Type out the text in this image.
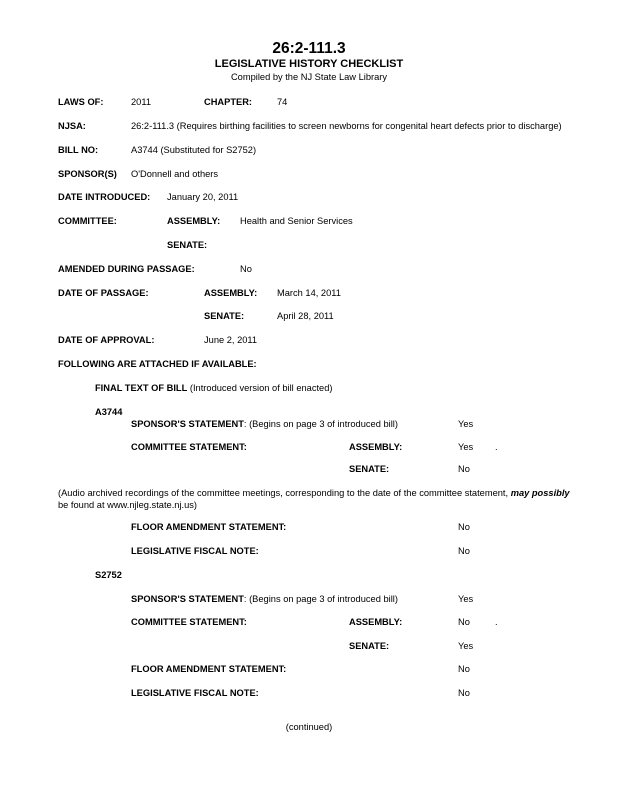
26:2-111.3
LEGISLATIVE HISTORY CHECKLIST
Compiled by the NJ State Law Library
LAWS OF:	2011	CHAPTER:	74
NJSA:	26:2-111.3 (Requires birthing facilities to screen newborns for congenital heart defects prior to discharge)
BILL NO:	A3744 (Substituted for S2752)
SPONSOR(S) O'Donnell and others
DATE INTRODUCED: January 20, 2011
COMMITTEE:	ASSEMBLY: Health and Senior Services
SENATE:
AMENDED DURING PASSAGE:	No
DATE OF PASSAGE:	ASSEMBLY: March 14, 2011
SENATE:	April 28, 2011
DATE OF APPROVAL:	June 2, 2011
FOLLOWING ARE ATTACHED IF AVAILABLE:
FINAL TEXT OF BILL (Introduced version of bill enacted)
A3744
SPONSOR'S STATEMENT: (Begins on page 3 of introduced bill)	Yes
COMMITTEE STATEMENT:	ASSEMBLY:	Yes .
SENATE:	No
(Audio archived recordings of the committee meetings, corresponding to the date of the committee statement, may possibly
be found at www.njleg.state.nj.us)
FLOOR AMENDMENT STATEMENT:	No
LEGISLATIVE FISCAL NOTE:	No
S2752
SPONSOR'S STATEMENT: (Begins on page 3 of introduced bill)	Yes
COMMITTEE STATEMENT:	ASSEMBLY:	No	.
SENATE:	Yes
FLOOR AMENDMENT STATEMENT:	No
LEGISLATIVE FISCAL NOTE:	No
(continued)
